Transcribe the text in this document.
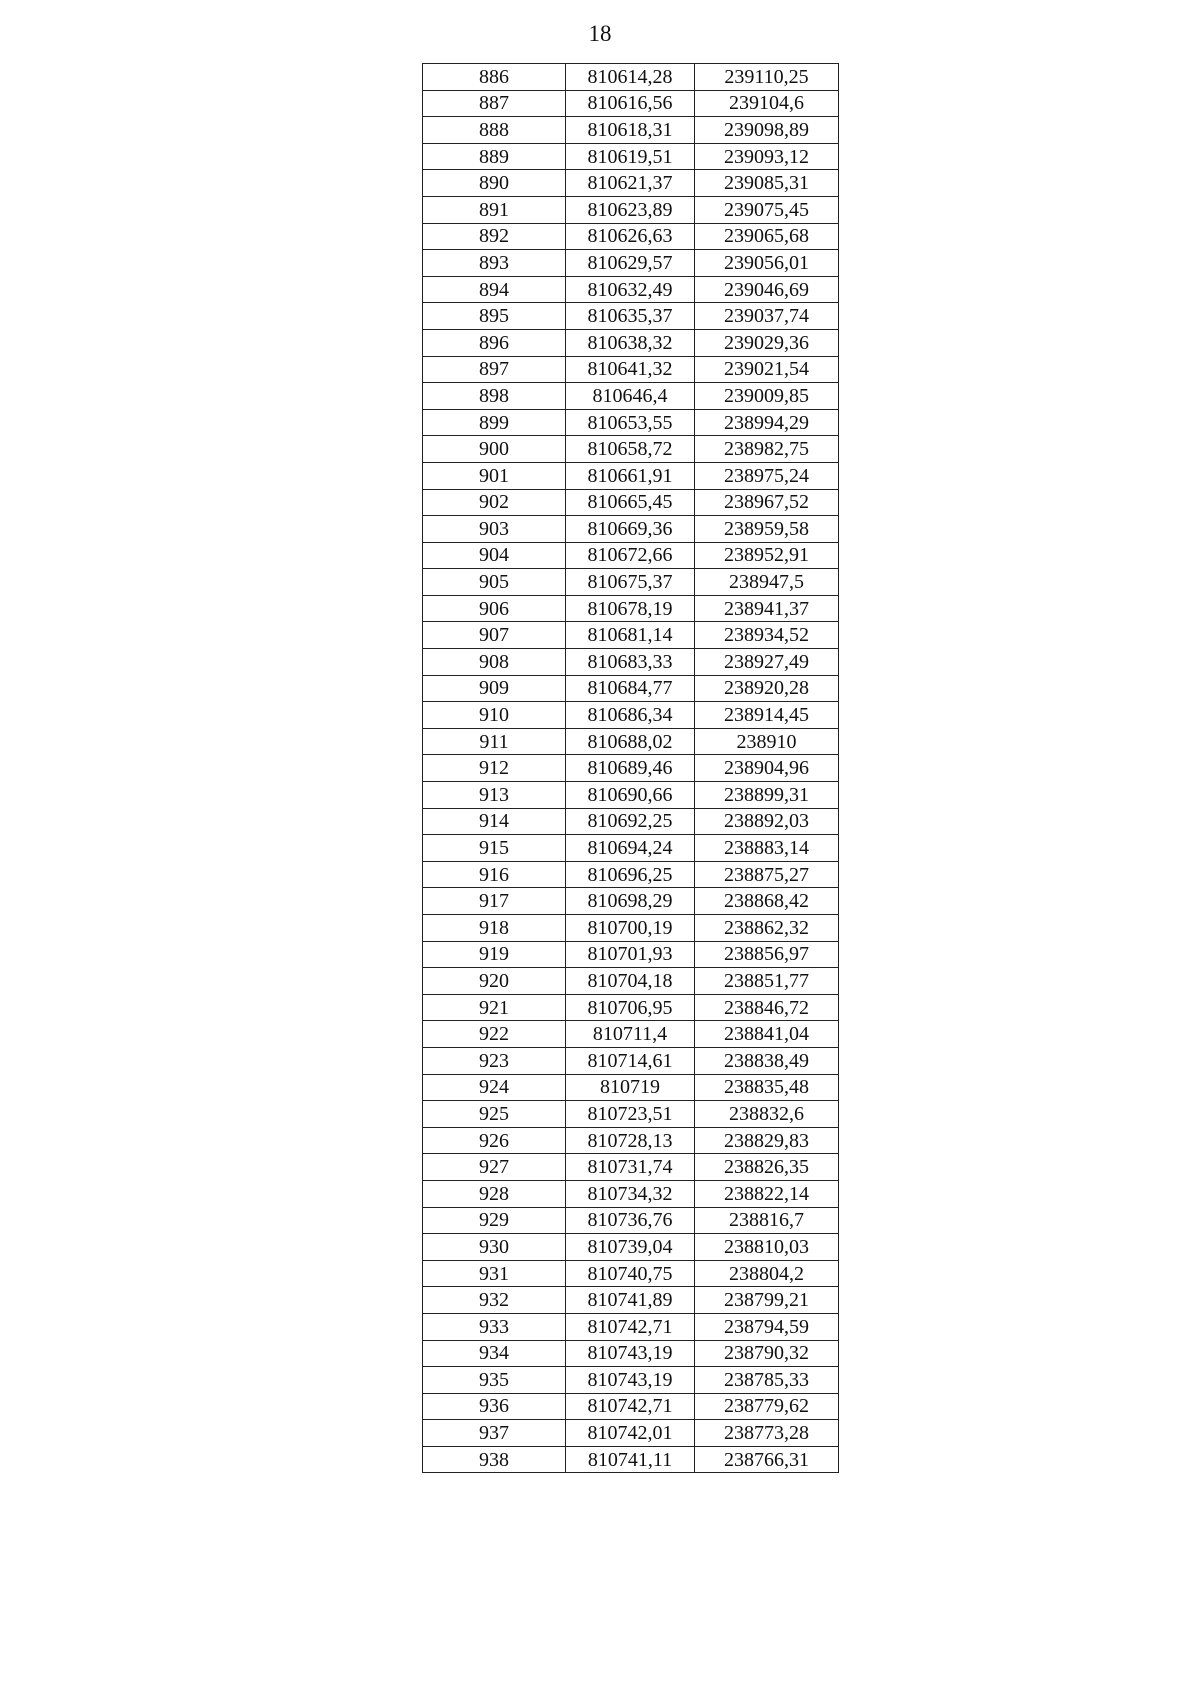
18
886	810614,28	239110,25
887	810616,56	239104,6
888	810618,31	239098,89
889	810619,51	239093,12
890	810621,37	239085,31
891	810623,89	239075,45
892	810626,63	239065,68
893	810629,57	239056,01
894	810632,49	239046,69
895	810635,37	239037,74
896	810638,32	239029,36
897	810641,32	239021,54
898	810646,4	239009,85
899	810653,55	238994,29
900	810658,72	238982,75
901	810661,91	238975,24
902	810665,45	238967,52
903	810669,36	238959,58
904	810672,66	238952,91
905	810675,37	238947,5
906	810678,19	238941,37
907	810681,14	238934,52
908	810683,33	238927,49
909	810684,77	238920,28
910	810686,34	238914,45
911	810688,02	238910
912	810689,46	238904,96
913	810690,66	238899,31
914	810692,25	238892,03
915	810694,24	238883,14
916	810696,25	238875,27
917	810698,29	238868,42
918	810700,19	238862,32
919	810701,93	238856,97
920	810704,18	238851,77
921	810706,95	238846,72
922	810711,4	238841,04
923	810714,61	238838,49
924	810719	238835,48
925	810723,51	238832,6
926	810728,13	238829,83
927	810731,74	238826,35
928	810734,32	238822,14
929	810736,76	238816,7
930	810739,04	238810,03
931	810740,75	238804,2
932	810741,89	238799,21
933	810742,71	238794,59
934	810743,19	238790,32
935	810743,19	238785,33
936	810742,71	238779,62
937	810742,01	238773,28
938	810741,11	238766,31
